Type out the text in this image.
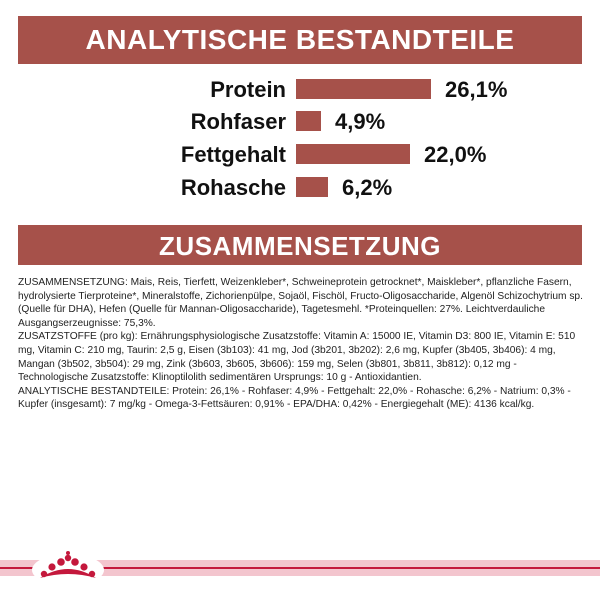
ANALYTISCHE BESTANDTEILE
Protein	26,1%
Rohfaser 4,9%
Fettgehalt	22,0%
Rohasche	6,2%
ZUSAMMENSETZUNG

ZUSAMMENSETZUNG: Mais, Reis, Tierfett, Weizenkleber*, Schweineprotein getrocknet*, Maiskleber*, pflanzliche Fasern, hydrolysierte Tierproteine*, Mineralstoffe, Zichorienpülpe, Sojaöl, Fischöl, Fructo-Oligosaccharide, Algenöl Schizochytrium sp. (Quelle für DHA), Hefen (Quelle für Mannan-Oligosaccharide), Tagetesmehl. *Proteinquellen: 27%. Leichtverdauliche Ausgangserzeugnisse: 75,3%.

ZUSATZSTOFFE (pro kg): Ernährungsphysiologische Zusatzstoffe: Vitamin A: 15000 IE, Vitamin D3: 800 IE, Vitamin E: 510 mg, Vitamin C: 210 mg, Taurin: 2,5 g, Eisen (3b103): 41 mg, Jod (3b201, 3b202): 2,6 mg, Kupfer (3b405, 3b406): 4 mg, Mangan (3b502, 3b504): 29 mg, Zink (3b603, 3b605, 3b606): 159 mg, Selen (3b801, 3b811, 3b812): 0,12 mg - Technologische Zusatzstoffe: Klinoptilolith sedimentären Ursprungs: 10 g - Antioxidantien.

ANALYTISCHE BESTANDTEILE: Protein: 26,1% - Rohfaser: 4,9% - Fettgehalt: 22,0% - Rohasche: 6,2% - Natrium: 0,3% - Kupfer (insgesamt): 7 mg/kg - Omega-3-Fettsäuren: 0,91% - EPA/DHA: 0,42% - Energiegehalt (ME): 4136 kcal/kg.
